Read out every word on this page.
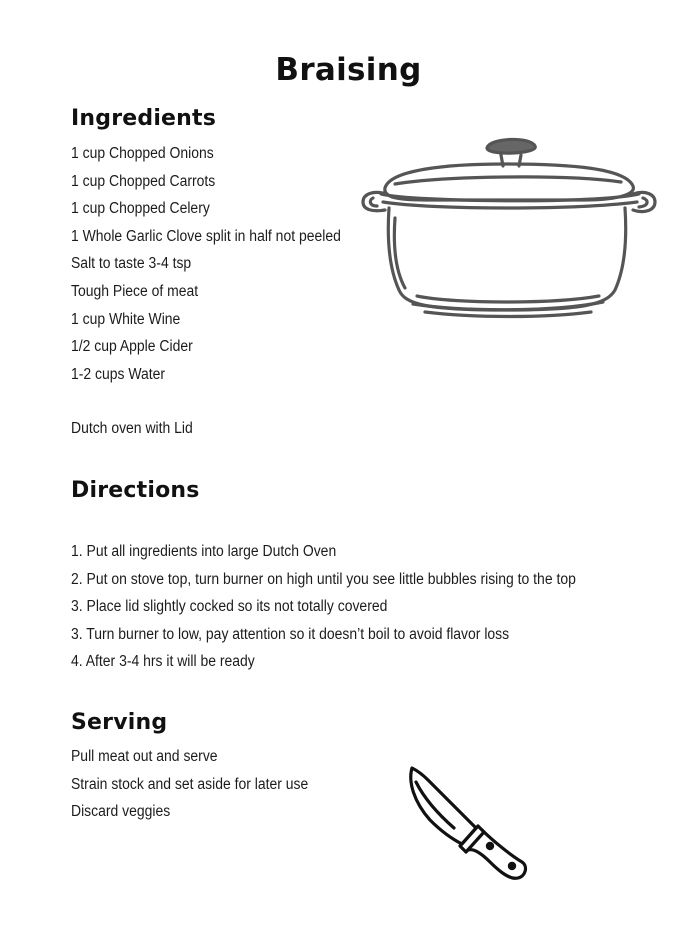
Braising
Ingredients
1 cup Chopped Onions
1 cup Chopped Carrots
1 cup Chopped Celery
1 Whole Garlic Clove split in half not peeled
Salt to taste 3-4 tsp
Tough Piece of meat
1 cup White Wine
1/2 cup Apple Cider
1-2 cups Water
Dutch oven with Lid
Directions
1. Put all ingredients into large Dutch Oven
2. Put on stove top, turn burner on high until you see little bubbles rising to the top
3. Place lid slightly cocked so its not totally covered
3. Turn burner to low, pay attention so it doesn’t boil to avoid flavor loss
4. After 3-4 hrs it will be ready
Serving
Pull meat out and serve
Strain stock and set aside for later use
Discard veggies
